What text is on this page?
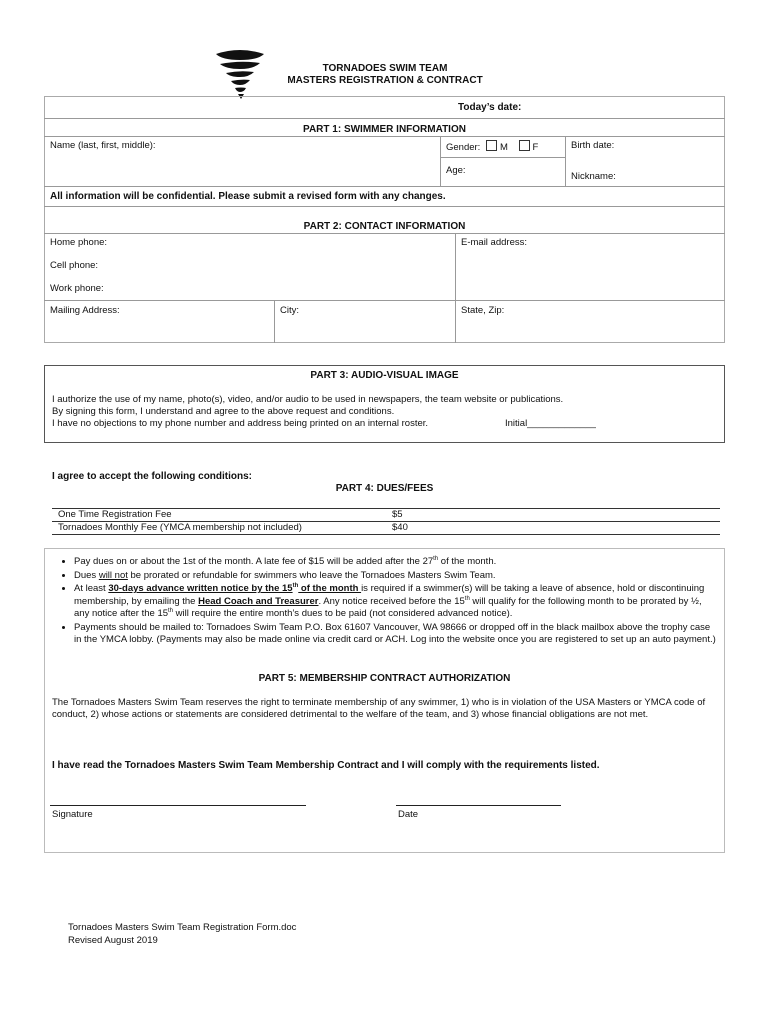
TORNADOES SWIM TEAM
MASTERS REGISTRATION & CONTRACT
Today’s date:
PART 1: SWIMMER INFORMATION
Name (last, first, middle):	Gender: M	F	Birth date:
Age:
Nickname:
All information will be confidential. Please submit a revised form with any changes.
PART 2: CONTACT INFORMATION
Home phone:	E-mail address:
Cell phone:
Work phone:
Mailing Address:	City:	State, Zip:
PART 3: AUDIO-VISUAL IMAGE
I authorize the use of my name, photo(s), video, and/or audio to be used in newspapers, the team website or publications.
By signing this form, I understand and agree to the above request and conditions.
I have no objections to my phone number and address being printed on an internal roster.	Initial_____________
I agree to accept the following conditions:
PART 4: DUES/FEES
One Time Registration Fee	$5
Tornadoes Monthly Fee (YMCA membership not included)	$40
• Pay dues on or about the 1st of the month. A late fee of $15 will be added after the 27th of the month.
• Dues will not be prorated or refundable for swimmers who leave the Tornadoes Masters Swim Team.
• At least 30-days advance written notice by the 15th of the month is required if a swimmer(s) will be taking a leave of absence, hold or discontinuing membership, by emailing the Head Coach and Treasurer. Any notice received before the 15th will qualify for the following month to be prorated by ½, any notice after the 15th will require the entire month’s dues to be paid (not considered advanced notice).
• Payments should be mailed to: Tornadoes Swim Team P.O. Box 61607 Vancouver, WA 98666 or dropped off in the black mailbox above the trophy case in the YMCA lobby. (Payments may also be made online via credit card or ACH. Log into the website once you are registered to set up an auto payment.)
PART 5: MEMBERSHIP CONTRACT AUTHORIZATION
The Tornadoes Masters Swim Team reserves the right to terminate membership of any swimmer, 1) who is in violation of the USA Masters or YMCA code of conduct, 2) whose actions or statements are considered detrimental to the welfare of the team, and 3) whose financial obligations are not met.
I have read the Tornadoes Masters Swim Team Membership Contract and I will comply with the requirements listed.
Signature	Date
Tornadoes Masters Swim Team Registration Form.doc
Revised August 2019
